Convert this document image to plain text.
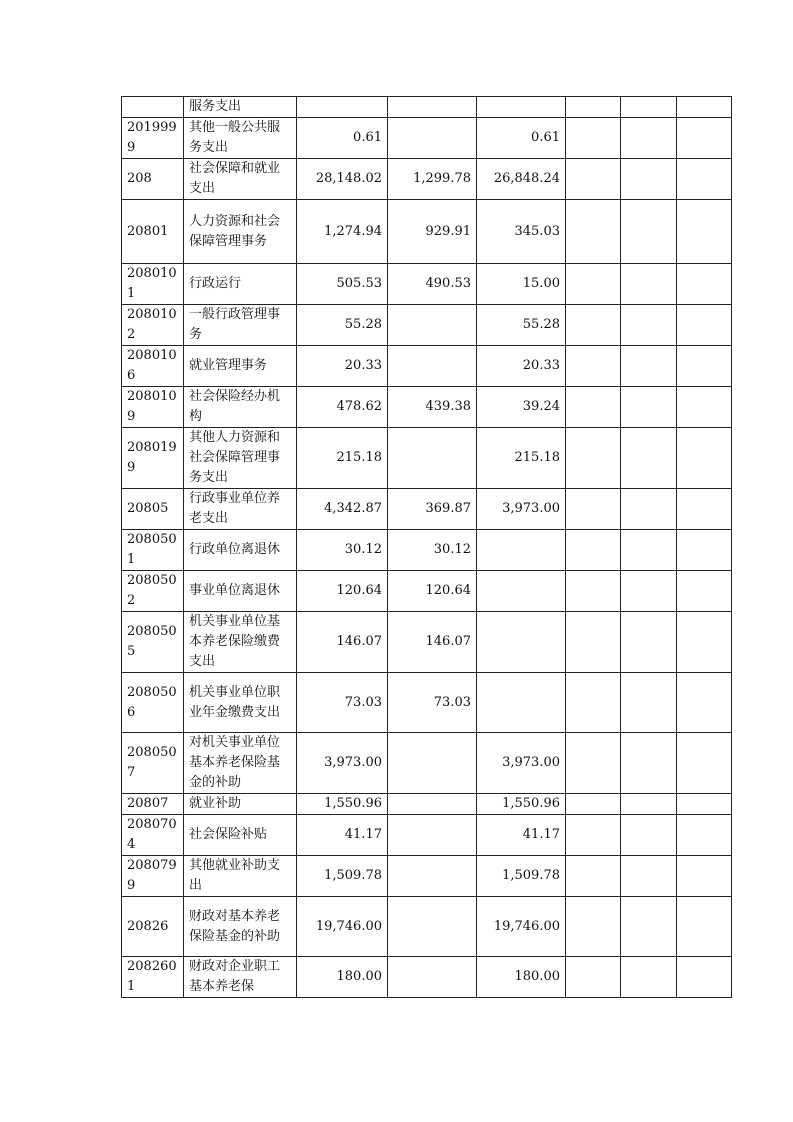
	服务支出						
2019999	其他一般公共服务支出	0.61		0.61			
208	社会保障和就业支出	28,148.02	1,299.78	26,848.24			
20801	人力资源和社会保障管理事务	1,274.94	929.91	345.03			
2080101	行政运行	505.53	490.53	15.00			
2080102	一般行政管理事务	55.28		55.28			
2080106	就业管理事务	20.33		20.33			
2080109	社会保险经办机构	478.62	439.38	39.24			
2080199	其他人力资源和社会保障管理事务支出	215.18		215.18			
20805	行政事业单位养老支出	4,342.87	369.87	3,973.00			
2080501	行政单位离退休	30.12	30.12				
2080502	事业单位离退休	120.64	120.64				
2080505	机关事业单位基本养老保险缴费支出	146.07	146.07				
2080506	机关事业单位职业年金缴费支出	73.03	73.03				
2080507	对机关事业单位基本养老保险基金的补助	3,973.00		3,973.00			
20807	就业补助	1,550.96		1,550.96			
2080704	社会保险补贴	41.17		41.17			
2080799	其他就业补助支出	1,509.78		1,509.78			
20826	财政对基本养老保险基金的补助	19,746.00		19,746.00			
2082601	财政对企业职工基本养老保	180.00		180.00			
